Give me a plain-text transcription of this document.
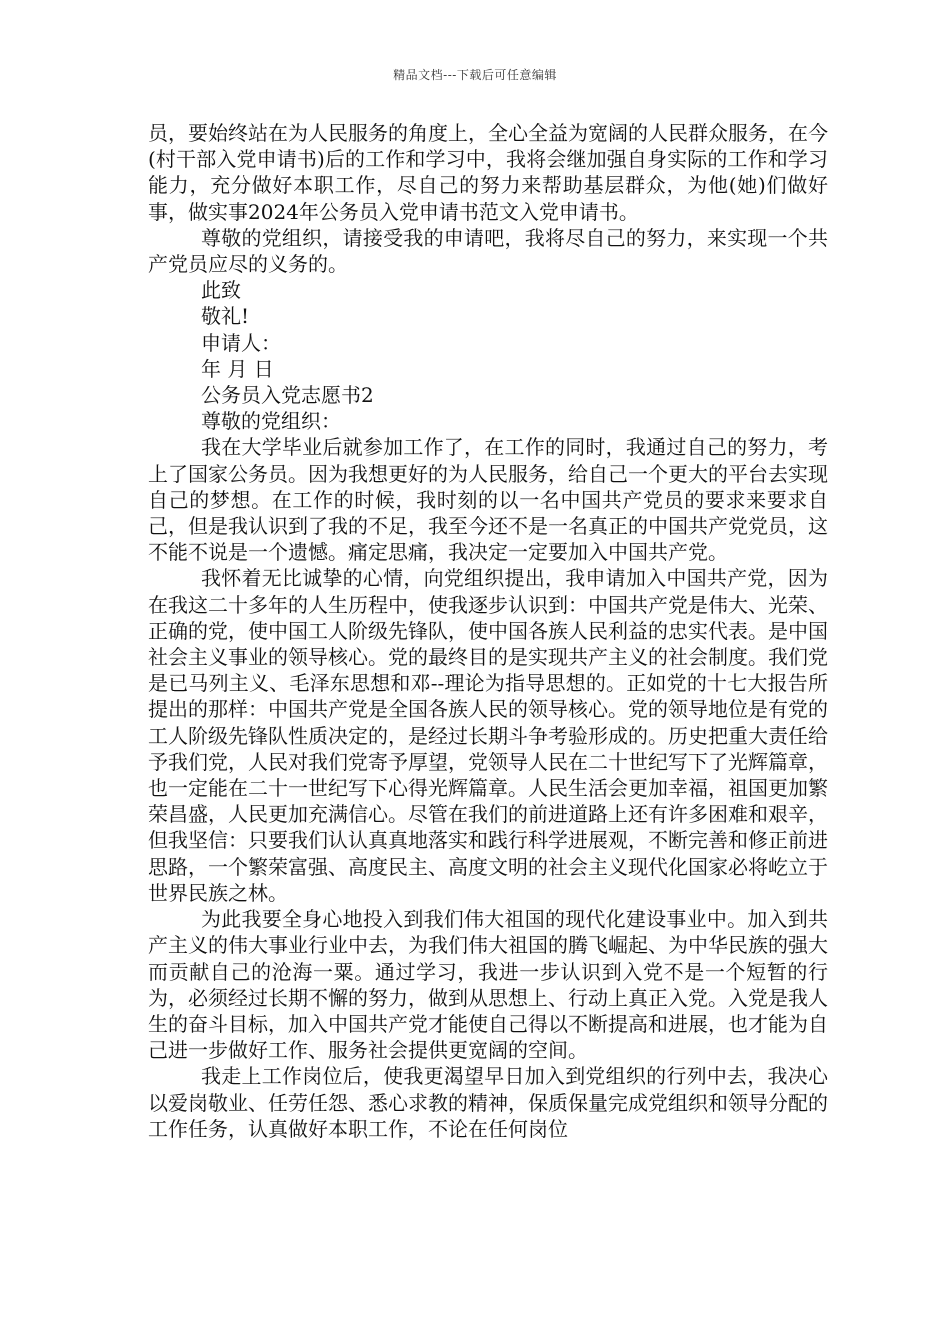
精品文档---下载后可任意编辑

员，要始终站在为人民服务的角度上，全心全益为宽阔的人民群众服务，在今(村干部入党申请书)后的工作和学习中，我将会继加强自身实际的工作和学习能力，充分做好本职工作，尽自己的努力来帮助基层群众，为他(她)们做好事，做实事2024年公务员入党申请书范文入党申请书。

尊敬的党组织，请接受我的申请吧，我将尽自己的努力，来实现一个共产党员应尽的义务的。

此致

敬礼!

申请人：

年 月 日

公务员入党志愿书2

尊敬的党组织：

我在大学毕业后就参加工作了，在工作的同时，我通过自己的努力，考上了国家公务员。因为我想更好的为人民服务，给自己一个更大的平台去实现自己的梦想。在工作的时候，我时刻的以一名中国共产党员的要求来要求自己，但是我认识到了我的不足，我至今还不是一名真正的中国共产党党员，这不能不说是一个遗憾。痛定思痛，我决定一定要加入中国共产党。

我怀着无比诚挚的心情，向党组织提出，我申请加入中国共产党，因为在我这二十多年的人生历程中，使我逐步认识到：中国共产党是伟大、光荣、正确的党，使中国工人阶级先锋队，使中国各族人民利益的忠实代表。是中国社会主义事业的领导核心。党的最终目的是实现共产主义的社会制度。我们党是已马列主义、毛泽东思想和邓--理论为指导思想的。正如党的十七大报告所提出的那样：中国共产党是全国各族人民的领导核心。党的领导地位是有党的工人阶级先锋队性质决定的，是经过长期斗争考验形成的。历史把重大责任给予我们党，人民对我们党寄予厚望，党领导人民在二十世纪写下了光辉篇章，也一定能在二十一世纪写下心得光辉篇章。人民生活会更加幸福，祖国更加繁荣昌盛，人民更加充满信心。尽管在我们的前进道路上还有许多困难和艰辛，但我坚信：只要我们认认真真地落实和践行科学进展观，不断完善和修正前进思路，一个繁荣富强、高度民主、高度文明的社会主义现代化国家必将屹立于世界民族之林。

为此我要全身心地投入到我们伟大祖国的现代化建设事业中。加入到共产主义的伟大事业行业中去，为我们伟大祖国的腾飞崛起、为中华民族的强大而贡献自己的沧海一粟。通过学习，我进一步认识到入党不是一个短暂的行为，必须经过长期不懈的努力，做到从思想上、行动上真正入党。入党是我人生的奋斗目标，加入中国共产党才能使自己得以不断提高和进展，也才能为自己进一步做好工作、服务社会提供更宽阔的空间。

我走上工作岗位后，使我更渴望早日加入到党组织的行列中去，我决心以爱岗敬业、任劳任怨、悉心求教的精神，保质保量完成党组织和领导分配的工作任务，认真做好本职工作，不论在任何岗位
